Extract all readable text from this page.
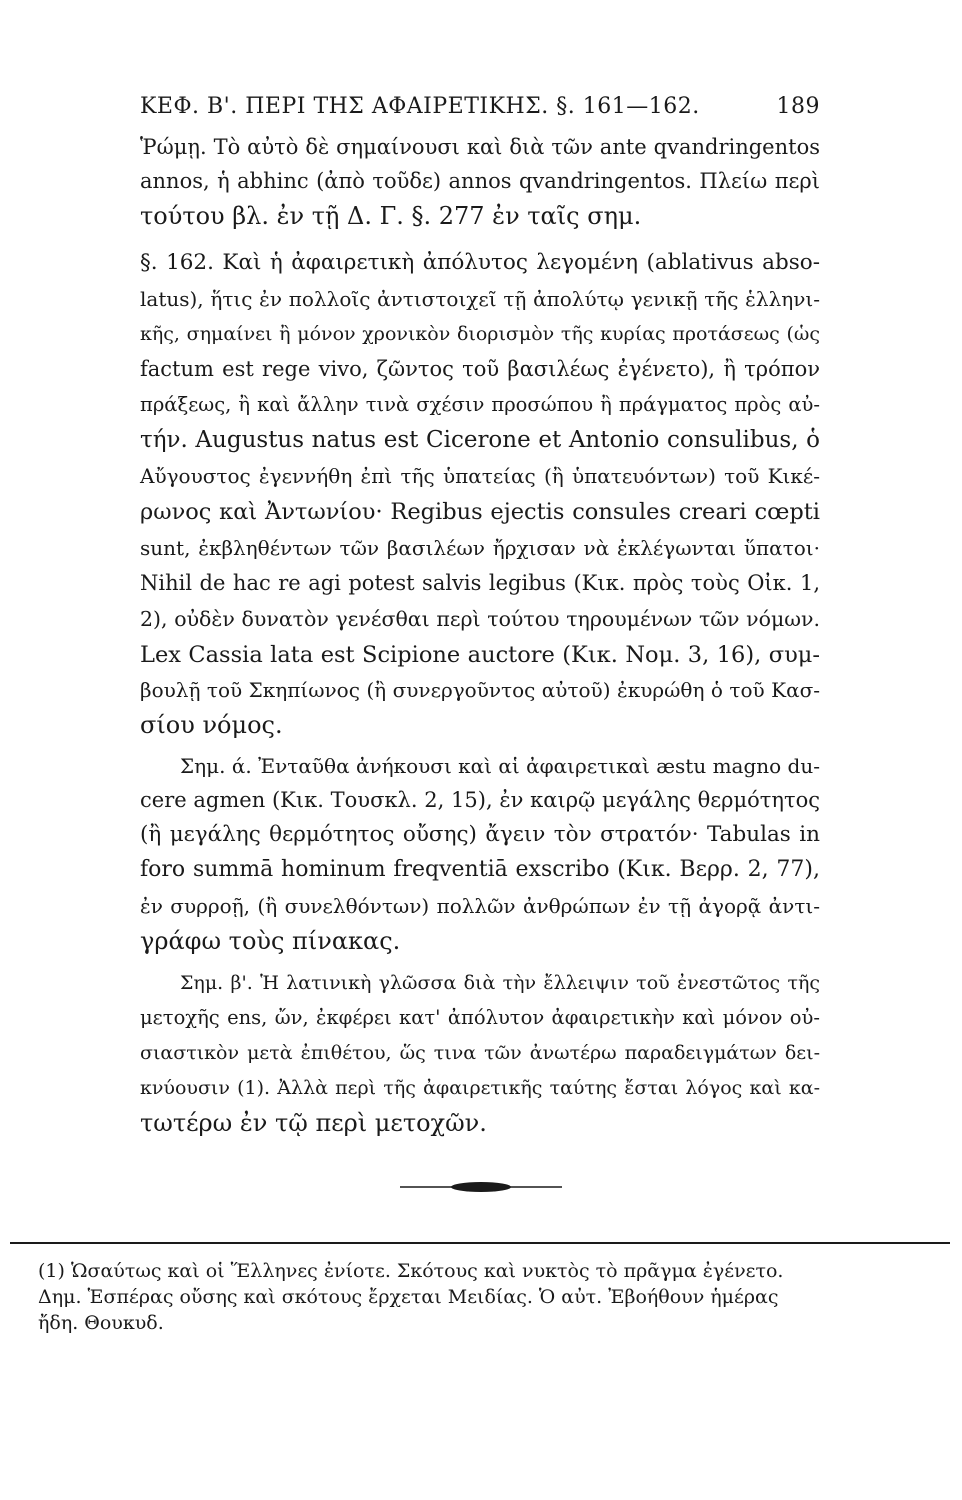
ΚΕΦ. Β'. ΠΕΡΙ ΤΗΣ ΑΦΑΙΡΕΤΙΚΗΣ. §. 161—162.	189
Ῥώμῃ. Τὸ αὐτὸ δὲ σημαίνουσι καὶ διὰ τῶν ante qvandringentos
annos, ἡ abhinc (ἀπὸ τοῦδε) annos qvandringentos. Πλείω περὶ
τούτου βλ. ἐν τῇ Δ. Γ. §. 277 ἐν ταῖς σημ.
§. 162. Καὶ ἡ ἀφαιρετικὴ ἀπόλυτος λεγομένη (ablativus abso-
latus), ἥτις ἐν πολλοῖς ἀντιστοιχεῖ τῇ ἀπολύτῳ γενικῇ τῆς ἑλληνι-
κῆς, σημαίνει ἢ μόνον χρονικὸν διορισμὸν τῆς κυρίας προτάσεως (ὡς
factum est rege vivo, ζῶντος τοῦ βασιλέως ἐγένετο), ἢ τρόπον
πράξεως, ἢ καὶ ἄλλην τινὰ σχέσιν προσώπου ἢ πράγματος πρὸς αὐ-
τήν. Augustus natus est Cicerone et Antonio consulibus, ὁ
Αὔγουστος ἐγεννήθη ἐπὶ τῆς ὑπατείας (ἢ ὑπατευόντων) τοῦ Κικέ-
ρωνος καὶ Ἀντωνίου· Regibus ejectis consules creari cœpti
sunt, ἐκβληθέντων τῶν βασιλέων ἤρχισαν νὰ ἐκλέγωνται ὕπατοι·
Nihil de hac re agi potest salvis legibus (Κικ. πρὸς τοὺς Οἰκ. 1,
2), οὐδὲν δυνατὸν γενέσθαι περὶ τούτου τηρουμένων τῶν νόμων.
Lex Cassia lata est Scipione auctore (Κικ. Νομ. 3, 16), συμ-
βουλῇ τοῦ Σκηπίωνος (ἢ συνεργοῦντος αὐτοῦ) ἐκυρώθη ὁ τοῦ Κασ-
σίου νόμος.
Σημ. ά. Ἐνταῦθα ἀνήκουσι καὶ αἱ ἀφαιρετικαὶ æstu magno du-
cere agmen (Κικ. Τουσκλ. 2, 15), ἐν καιρῷ μεγάλης θερμότητος
(ἢ μεγάλης θερμότητος οὔσης) ἄγειν τὸν στρατόν· Tabulas in
foro summā hominum freqventiā exscribo (Κικ. Βερρ. 2, 77),
ἐν συρροῇ, (ἢ συνελθόντων) πολλῶν ἀνθρώπων ἐν τῇ ἀγορᾷ ἀντι-
γράφω τοὺς πίνακας.
Σημ. β'. Ἡ λατινικὴ γλῶσσα διὰ τὴν ἔλλειψιν τοῦ ἐνεστῶτος τῆς
μετοχῆς ens, ὤν, ἐκφέρει κατ' ἀπόλυτον ἀφαιρετικὴν καὶ μόνον οὐ-
σιαστικὸν μετὰ ἐπιθέτου, ὥς τινα τῶν ἀνωτέρω παραδειγμάτων δει-
κνύουσιν (1). Ἀλλὰ περὶ τῆς ἀφαιρετικῆς ταύτης ἔσται λόγος καὶ κα-
τωτέρω ἐν τῷ περὶ μετοχῶν.
(1) Ὡσαύτως καὶ οἱ Ἕλληνες ἐνίοτε. Σκότους καὶ νυκτὸς τὸ πρᾶγμα ἐγένετο.
Δημ. Ἑσπέρας οὔσης καὶ σκότους ἔρχεται Μειδίας. Ὁ αὐτ. Ἐβοήθουν ἡμέρας
ἤδη. Θουκυδ.
